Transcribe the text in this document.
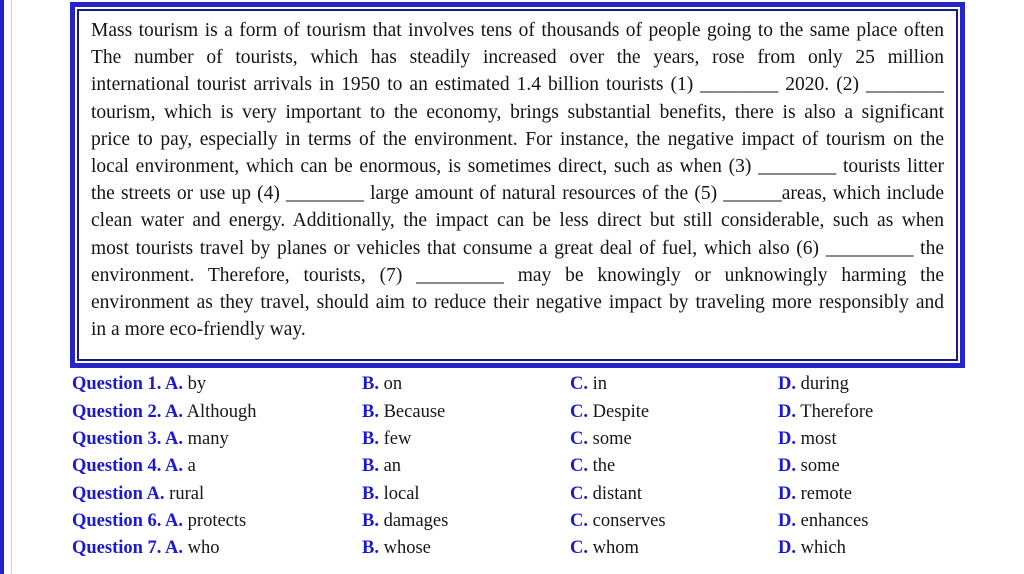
Mass tourism is a form of tourism that involves tens of thousands of people going to the same place often
The number of tourists, which has steadily increased over the years, rose from only 25 million
international tourist arrivals in 1950 to an estimated 1.4 billion tourists (1) ________ 2020. (2) ________
tourism, which is very important to the economy, brings substantial benefits, there is also a significant
price to pay, especially in terms of the environment. For instance, the negative impact of tourism on the
local environment, which can be enormous, is sometimes direct, such as when (3) ________ tourists litter
the streets or use up (4) ________ large amount of natural resources of the (5) ______areas, which include
clean water and energy. Additionally, the impact can be less direct but still considerable, such as when
most tourists travel by planes or vehicles that consume a great deal of fuel, which also (6) _________ the
environment. Therefore, tourists, (7) _________ may be knowingly or unknowingly harming the
environment as they travel, should aim to reduce their negative impact by traveling more responsibly and
in a more eco-friendly way.
Question 1. A. by	B. on	C. in	D. during
Question 2. A. Although	B. Because	C. Despite	D. Therefore
Question 3. A. many	B. few	C. some	D. most
Question 4. A. a	B. an	C. the	D. some
Question A. rural	B. local	C. distant	D. remote
Question 6. A. protects	B. damages	C. conserves	D. enhances
Question 7. A. who	B. whose	C. whom	D. which
